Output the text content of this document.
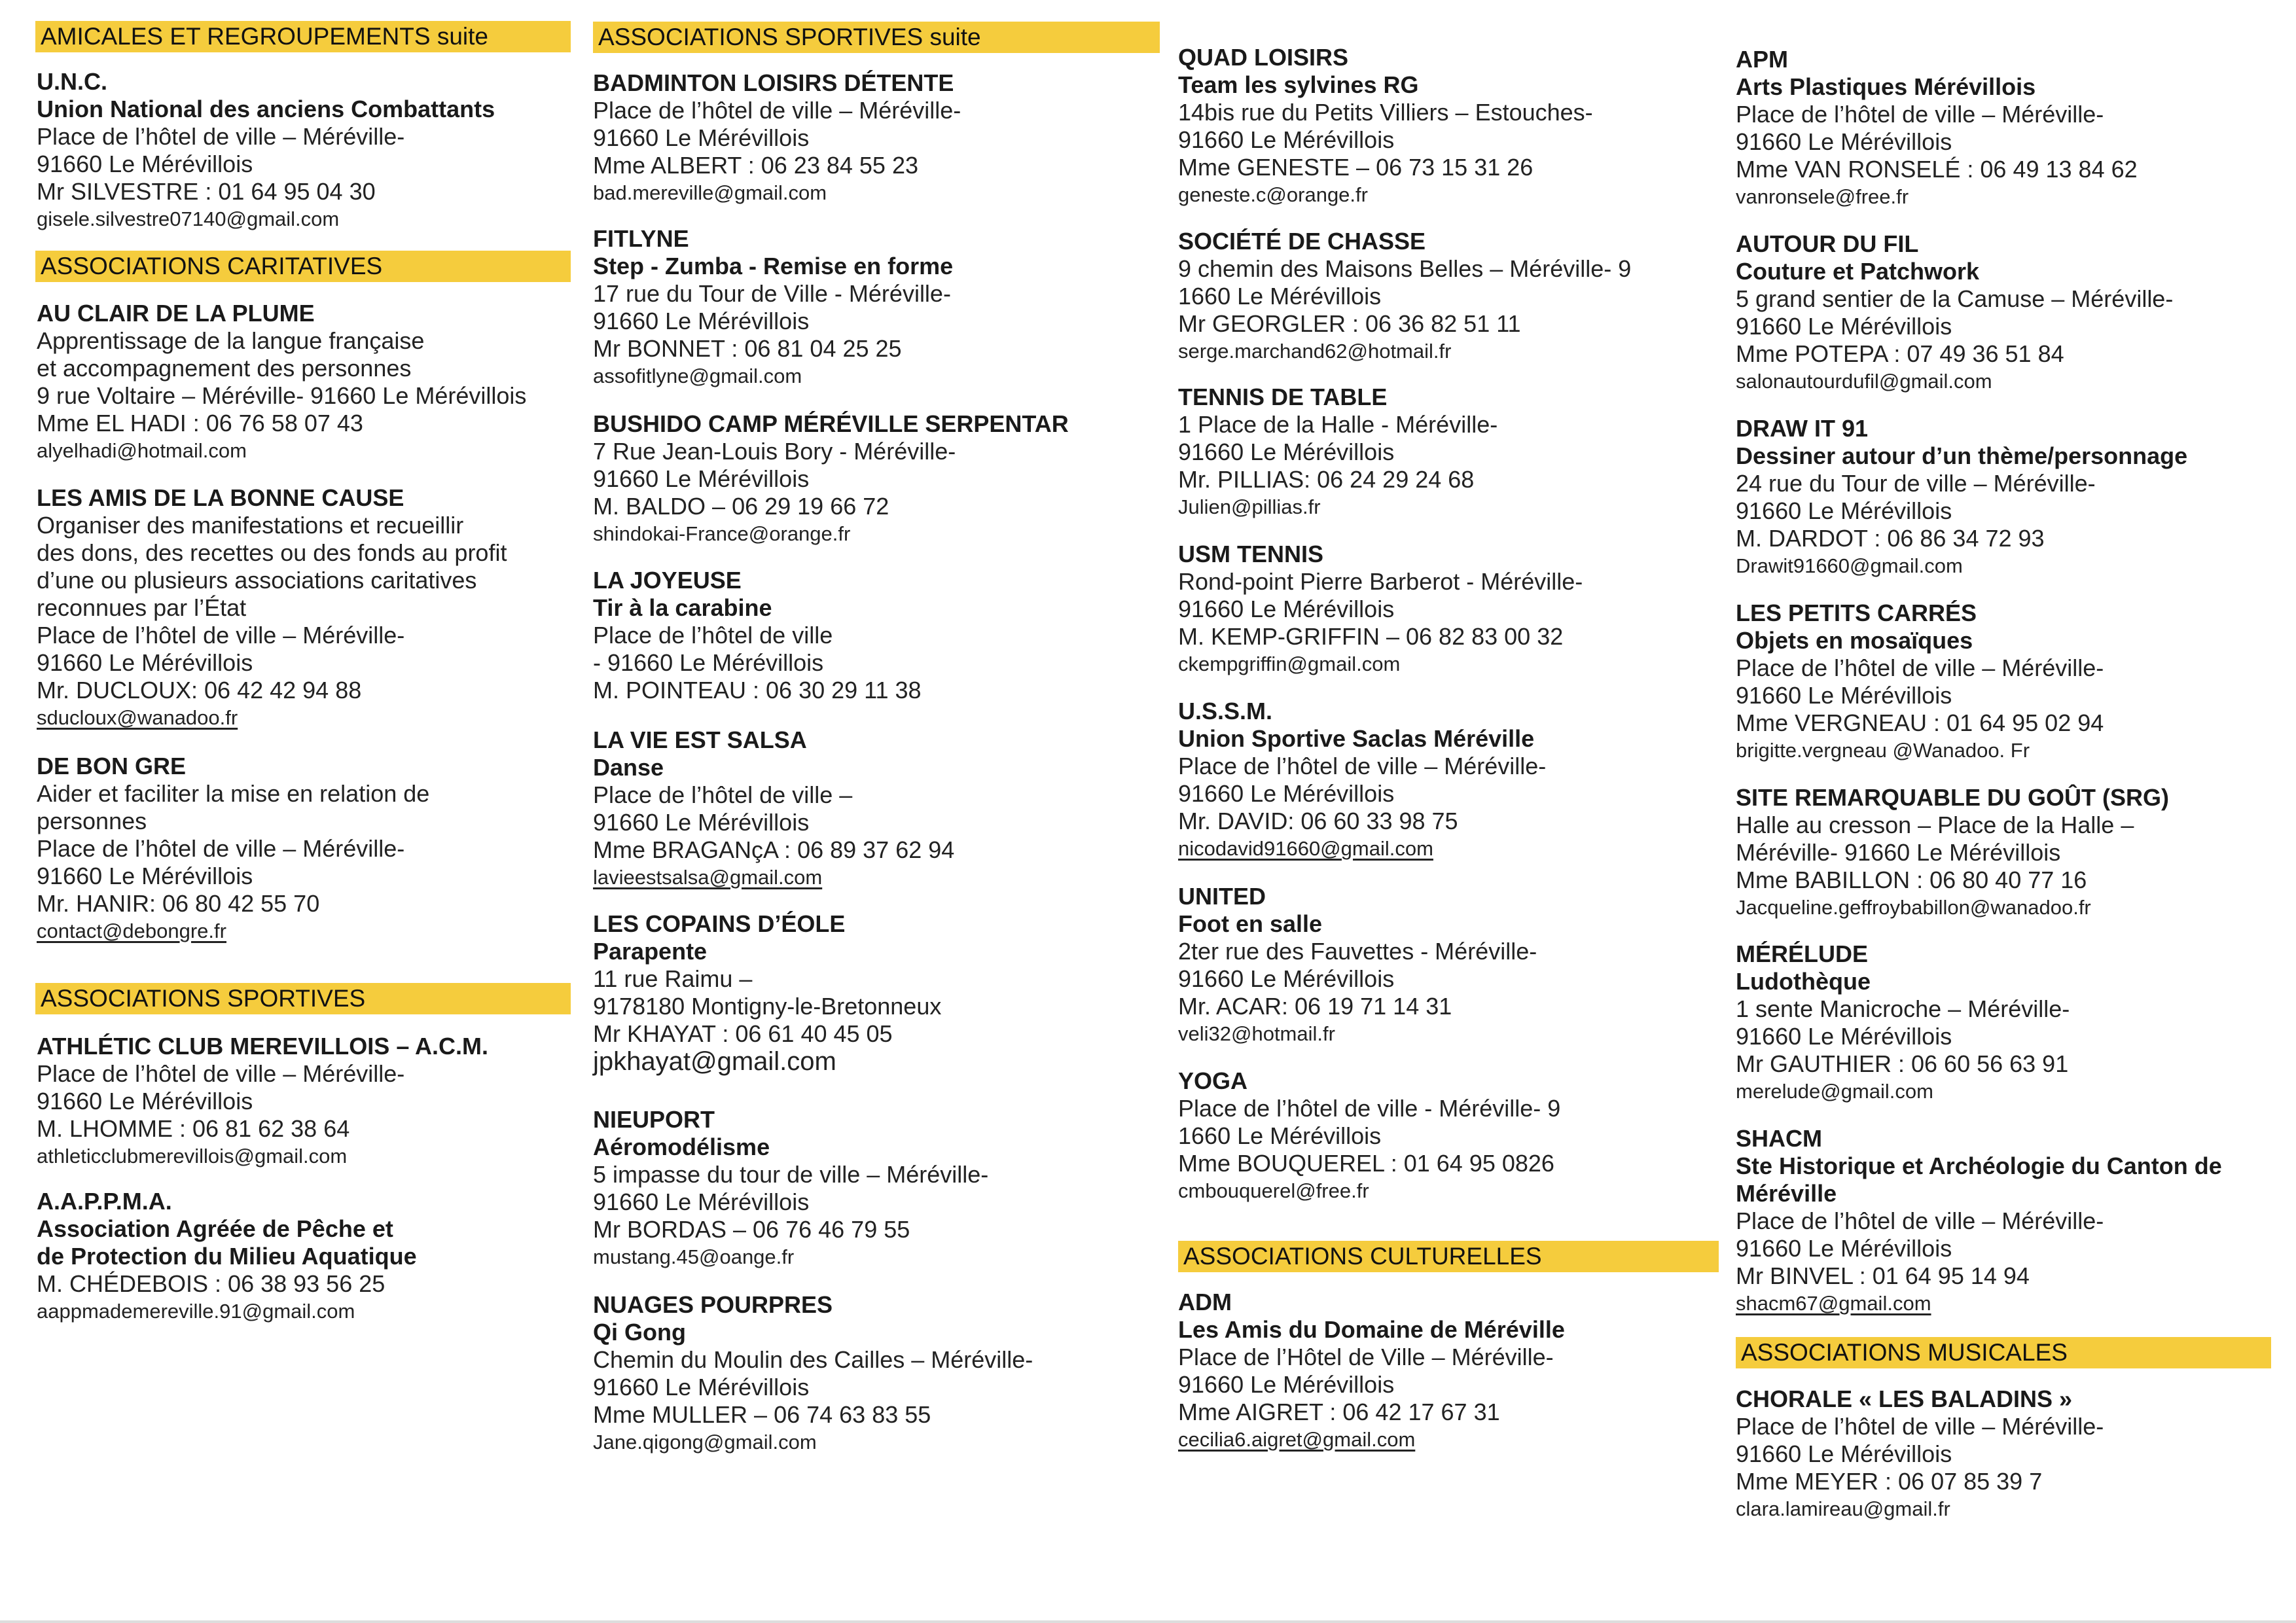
AMICALES ET REGROUPEMENTS suite
U.N.C.
Union National des anciens Combattants
Place de l’hôtel de ville – Méréville-
91660 Le Mérévillois
Mr SILVESTRE : 01 64 95 04 30
gisele.silvestre07140@gmail.com
ASSOCIATIONS CARITATIVES
AU CLAIR DE LA PLUME
Apprentissage de la langue française
et accompagnement des personnes
9 rue Voltaire – Méréville- 91660 Le Mérévillois
Mme EL HADI : 06 76 58 07 43
alyelhadi@hotmail.com
LES AMIS DE LA BONNE CAUSE
Organiser des manifestations et recueillir
des dons, des recettes ou des fonds au profit
d’une ou plusieurs associations caritatives
reconnues par l’État
Place de l’hôtel de ville – Méréville-
91660 Le Mérévillois
Mr. DUCLOUX: 06 42 42 94 88
sducloux@wanadoo.fr
DE BON GRE
Aider et faciliter la mise en relation de
personnes
Place de l’hôtel de ville – Méréville-
91660 Le Mérévillois
Mr. HANIR: 06 80 42 55 70
contact@debongre.fr
ASSOCIATIONS SPORTIVES
ATHLÉTIC CLUB MEREVILLOIS – A.C.M.
Place de l’hôtel de ville – Méréville-
91660 Le Mérévillois
M. LHOMME : 06 81 62 38 64
athleticclubmerevillois@gmail.com
A.A.P.P.M.A.
Association Agréée de Pêche et
de Protection du Milieu Aquatique
M. CHÉDEBOIS : 06 38 93 56 25
aappmademereville.91@gmail.com
ASSOCIATIONS SPORTIVES suite
BADMINTON LOISIRS DÉTENTE
Place de l’hôtel de ville – Méréville-
91660 Le Mérévillois
Mme ALBERT : 06 23 84 55 23
bad.mereville@gmail.com
FITLYNE
Step - Zumba - Remise en forme
17 rue du Tour de Ville - Méréville-
91660 Le Mérévillois
Mr BONNET : 06 81 04 25 25
assofitlyne@gmail.com
BUSHIDO CAMP MÉRÉVILLE SERPENTAR
7 Rue Jean-Louis Bory - Méréville-
91660 Le Mérévillois
M. BALDO – 06 29 19 66 72
shindokai-France@orange.fr
LA JOYEUSE
Tir à la carabine
Place de l’hôtel de ville
- 91660 Le Mérévillois
M. POINTEAU : 06 30 29 11 38
LA VIE EST SALSA
Danse
Place de l’hôtel de ville –
91660 Le Mérévillois
Mme BRAGANçA : 06 89 37 62 94
lavieestsalsa@gmail.com
LES COPAINS D’ÉOLE
Parapente
11 rue Raimu –
9178180 Montigny-le-Bretonneux
Mr KHAYAT : 06 61 40 45 05
jpkhayat@gmail.com
NIEUPORT
Aéromodélisme
5 impasse du tour de ville – Méréville-
91660 Le Mérévillois
Mr BORDAS – 06 76 46 79 55
mustang.45@oange.fr
NUAGES POURPRES
Qi Gong
Chemin du Moulin des Cailles – Méréville-
91660 Le Mérévillois
Mme MULLER – 06 74 63 83 55
Jane.qigong@gmail.com
QUAD LOISIRS
Team les sylvines RG
14bis rue du Petits Villiers – Estouches-
91660 Le Mérévillois
Mme GENESTE – 06 73 15 31 26
geneste.c@orange.fr
SOCIÉTÉ DE CHASSE
9 chemin des Maisons Belles – Méréville- 9
1660 Le Mérévillois
Mr GEORGLER : 06 36 82 51 11
serge.marchand62@hotmail.fr
TENNIS DE TABLE
1 Place de la Halle - Méréville-
91660 Le Mérévillois
Mr. PILLIAS: 06 24 29 24 68
Julien@pillias.fr
USM TENNIS
Rond-point Pierre Barberot - Méréville-
91660 Le Mérévillois
M. KEMP-GRIFFIN – 06 82 83 00 32
ckempgriffin@gmail.com
U.S.S.M.
Union Sportive Saclas Méréville
Place de l’hôtel de ville – Méréville-
91660 Le Mérévillois
Mr. DAVID: 06 60 33 98 75
nicodavid91660@gmail.com
UNITED
Foot en salle
2ter rue des Fauvettes - Méréville-
91660 Le Mérévillois
Mr. ACAR: 06 19 71 14 31
veli32@hotmail.fr
YOGA
Place de l’hôtel de ville - Méréville- 9
1660 Le Mérévillois
Mme BOUQUEREL : 01 64 95 0826
cmbouquerel@free.fr
ASSOCIATIONS CULTURELLES
ADM
Les Amis du Domaine de Méréville
Place de l’Hôtel de Ville – Méréville-
91660 Le Mérévillois
Mme AIGRET : 06 42 17 67 31
cecilia6.aigret@gmail.com
APM
Arts Plastiques Mérévillois
Place de l’hôtel de ville – Méréville-
91660 Le Mérévillois
Mme VAN RONSELÉ : 06 49 13 84 62
vanronsele@free.fr
AUTOUR DU FIL
Couture et Patchwork
5 grand sentier de la Camuse – Méréville-
91660 Le Mérévillois
Mme POTEPA : 07 49 36 51 84
salonautourdufil@gmail.com
DRAW IT 91
Dessiner autour d’un thème/personnage
24 rue du Tour de ville – Méréville-
91660 Le Mérévillois
M. DARDOT : 06 86 34 72 93
Drawit91660@gmail.com
LES PETITS CARRÉS
Objets en mosaïques
Place de l’hôtel de ville – Méréville-
91660 Le Mérévillois
Mme VERGNEAU : 01 64 95 02 94
brigitte.vergneau @Wanadoo. Fr
SITE REMARQUABLE DU GOÛT (SRG)
Halle au cresson – Place de la Halle –
Méréville- 91660 Le Mérévillois
Mme BABILLON : 06 80 40 77 16
Jacqueline.geffroybabillon@wanadoo.fr
MÉRÉLUDE
Ludothèque
1 sente Manicroche – Méréville-
91660 Le Mérévillois
Mr GAUTHIER : 06 60 56 63 91
merelude@gmail.com
SHACM
Ste Historique et Archéologie du Canton de
Méréville
Place de l’hôtel de ville – Méréville-
91660 Le Mérévillois
Mr BINVEL : 01 64 95 14 94
shacm67@gmail.com
ASSOCIATIONS MUSICALES
CHORALE « LES BALADINS »
Place de l’hôtel de ville – Méréville-
91660 Le Mérévillois
Mme MEYER : 06 07 85 39 7
clara.lamireau@gmail.fr
